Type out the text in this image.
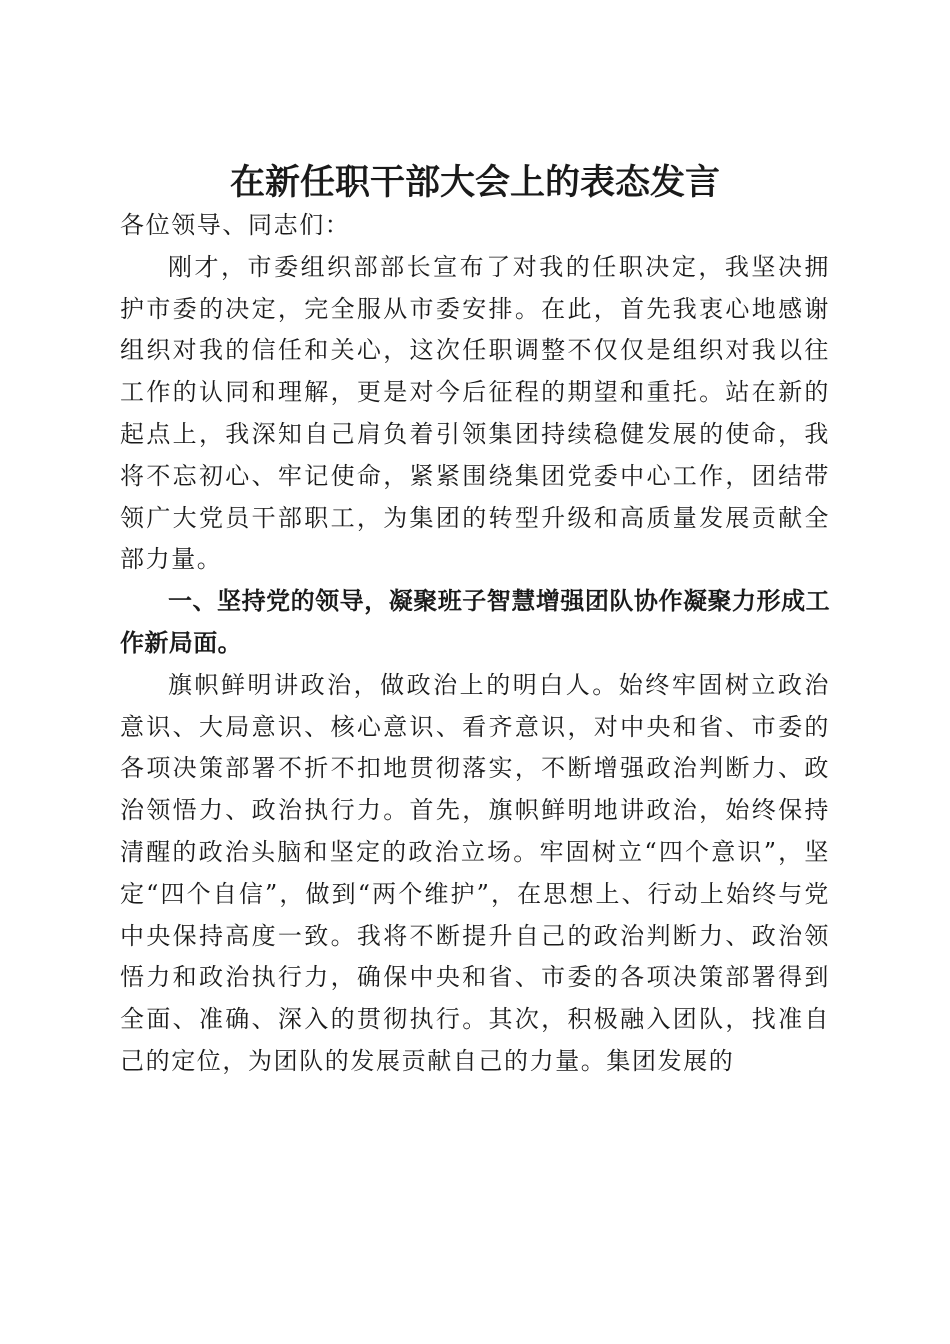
在新任职干部大会上的表态发言

各位领导、同志们：

刚才，市委组织部部长宣布了对我的任职决定，我坚决拥护市委的决定，完全服从市委安排。在此，首先我衷心地感谢组织对我的信任和关心，这次任职调整不仅仅是组织对我以往工作的认同和理解，更是对今后征程的期望和重托。站在新的起点上，我深知自己肩负着引领集团持续稳健发展的使命，我将不忘初心、牢记使命，紧紧围绕集团党委中心工作，团结带领广大党员干部职工，为集团的转型升级和高质量发展贡献全部力量。

一、坚持党的领导，凝聚班子智慧增强团队协作凝聚力形成工作新局面。

旗帜鲜明讲政治，做政治上的明白人。始终牢固树立政治意识、大局意识、核心意识、看齐意识，对中央和省、市委的各项决策部署不折不扣地贯彻落实，不断增强政治判断力、政治领悟力、政治执行力。首先，旗帜鲜明地讲政治，始终保持清醒的政治头脑和坚定的政治立场。牢固树立“四个意识”，坚定“四个自信”，做到“两个维护”，在思想上、行动上始终与党中央保持高度一致。我将不断提升自己的政治判断力、政治领悟力和政治执行力，确保中央和省、市委的各项决策部署得到全面、准确、深入的贯彻执行。其次，积极融入团队，找准自己的定位，为团队的发展贡献自己的力量。集团发展的
